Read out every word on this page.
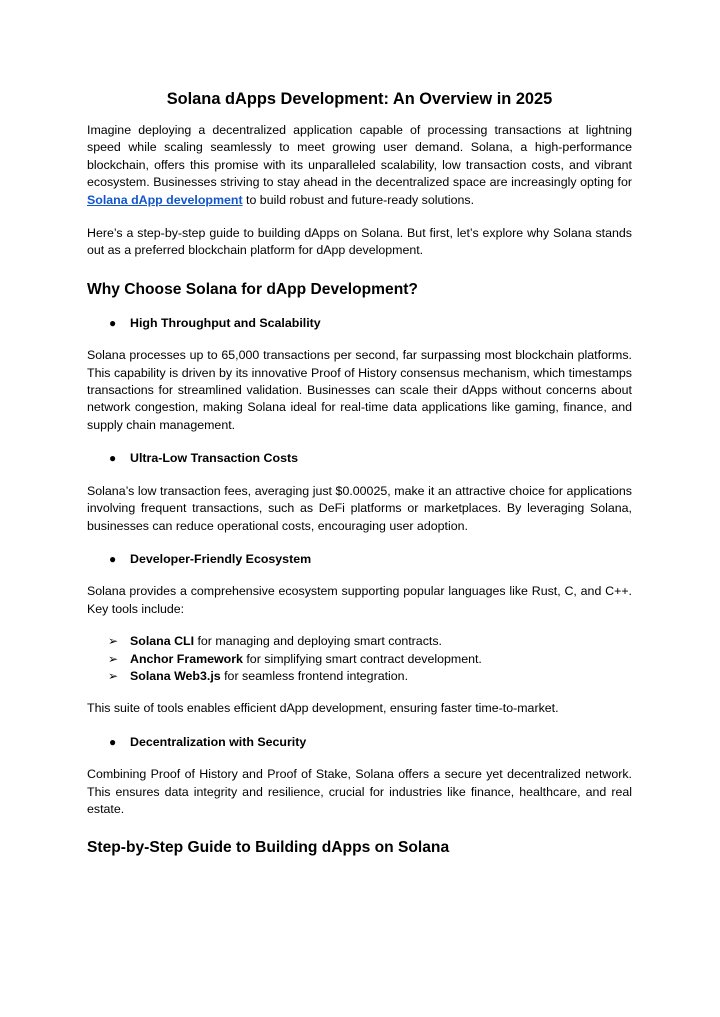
Solana dApps Development: An Overview in 2025

Imagine deploying a decentralized application capable of processing transactions at lightning speed while scaling seamlessly to meet growing user demand. Solana, a high-performance blockchain, offers this promise with its unparalleled scalability, low transaction costs, and vibrant ecosystem. Businesses striving to stay ahead in the decentralized space are increasingly opting for Solana dApp development to build robust and future-ready solutions.

Here’s a step-by-step guide to building dApps on Solana. But first, let’s explore why Solana stands out as a preferred blockchain platform for dApp development.

Why Choose Solana for dApp Development?
● High Throughput and Scalability

Solana processes up to 65,000 transactions per second, far surpassing most blockchain platforms. This capability is driven by its innovative Proof of History consensus mechanism, which timestamps transactions for streamlined validation. Businesses can scale their dApps without concerns about network congestion, making Solana ideal for real-time data applications like gaming, finance, and supply chain management.

● Ultra-Low Transaction Costs

Solana’s low transaction fees, averaging just $0.00025, make it an attractive choice for applications involving frequent transactions, such as DeFi platforms or marketplaces. By leveraging Solana, businesses can reduce operational costs, encouraging user adoption.

● Developer-Friendly Ecosystem

Solana provides a comprehensive ecosystem supporting popular languages like Rust, C, and C++. Key tools include:

➢ Solana CLI for managing and deploying smart contracts.
➢ Anchor Framework for simplifying smart contract development.
➢ Solana Web3.js for seamless frontend integration.

This suite of tools enables efficient dApp development, ensuring faster time-to-market.

● Decentralization with Security

Combining Proof of History and Proof of Stake, Solana offers a secure yet decentralized network. This ensures data integrity and resilience, crucial for industries like finance, healthcare, and real estate.

Step-by-Step Guide to Building dApps on Solana
